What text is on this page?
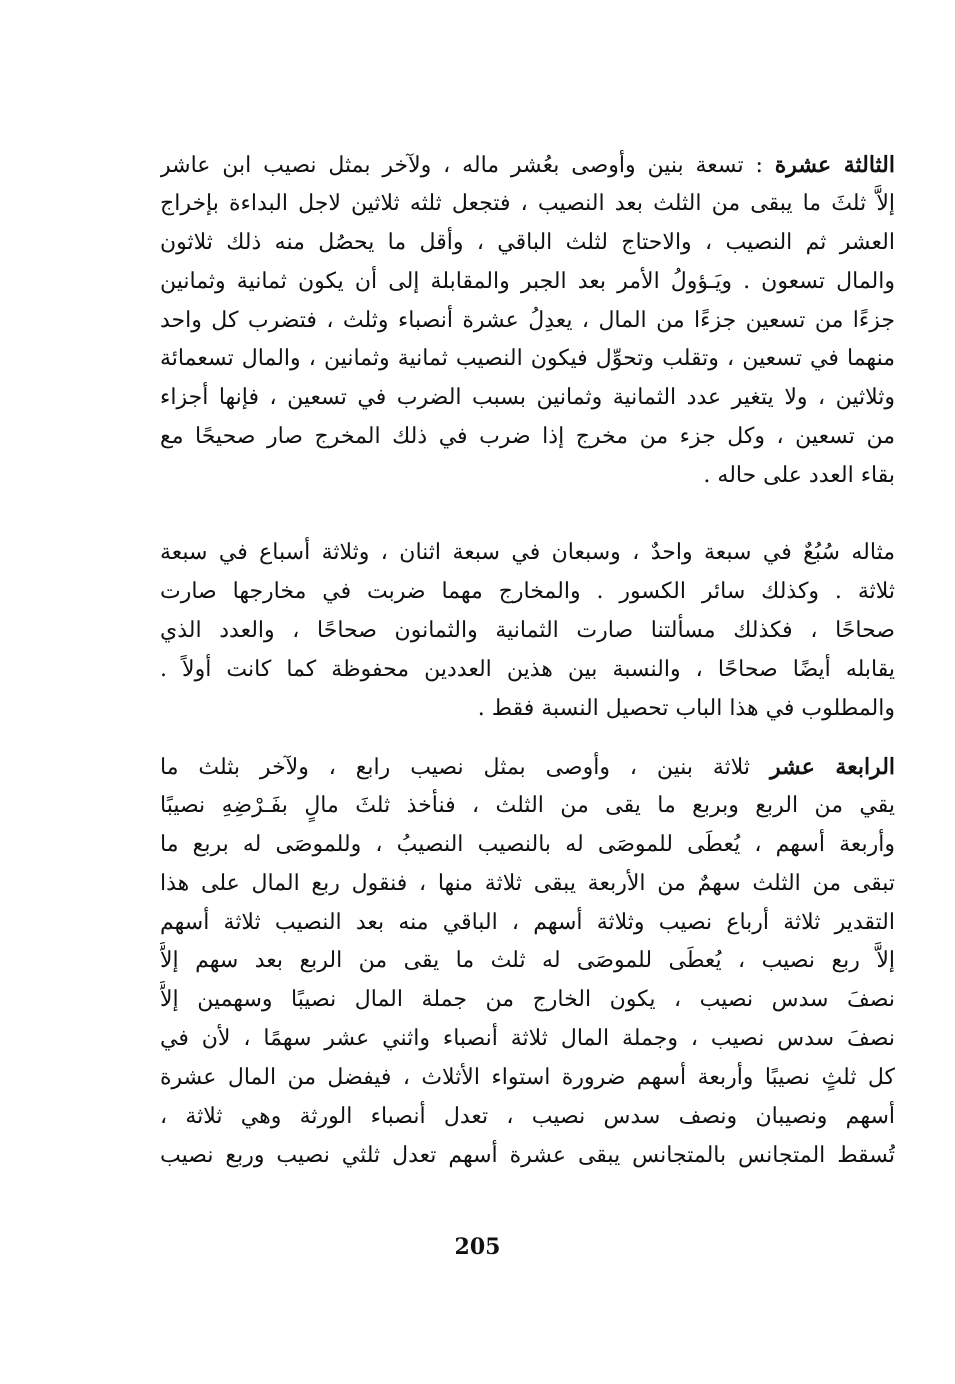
الثالثة عشرة : تسعة بنين وأوصى بعُشر ماله ، ولآخر بمثل نصيب ابن عاشر
إلاَّ ثلثَ ما يبقى من الثلث بعد النصيب ، فتجعل ثلثه ثلاثين لاجل البداءة بإخراج
العشر ثم النصيب ، والاحتاج لثلث الباقي ، وأقل ما يحصُل منه ذلك ثلاثون
والمال تسعون . ويَـؤولُ الأمر بعد الجبر والمقابلة إلى أن يكون ثمانية وثمانين
جزءًا من تسعين جزءًا من المال ، يعدِلُ عشرة أنصباء وثلث ، فتضرب كل واحد
منهما في تسعين ، وتقلب وتحوِّل فيكون النصيب ثمانية وثمانين ، والمال تسعمائة
وثلاثين ، ولا يتغير عدد الثمانية وثمانين بسبب الضرب في تسعين ، فإنها أجزاء
من تسعين ، وكل جزء من مخرج إذا ضرب في ذلك المخرج صار صحيحًا مع
بقاء العدد على حاله .
مثاله سُبُعٌ في سبعة واحدٌ ، وسبعان في سبعة اثنان ، وثلاثة أسباع في سبعة
ثلاثة . وكذلك سائر الكسور . والمخارج مهما ضربت في مخارجها صارت
صحاحًا ، فكذلك مسألتنا صارت الثمانية والثمانون صحاحًا ، والعدد الذي
يقابله أيضًا صحاحًا ، والنسبة بين هذين العددين محفوظة كما كانت أولاً .
والمطلوب في هذا الباب تحصيل النسبة فقط .
الرابعة عشر ثلاثة بنين ، وأوصى بمثل نصيب رابع ، ولآخر بثلث ما
يقي من الربع وبربع ما يقى من الثلث ، فنأخذ ثلثَ مالٍ بفَـرْضِهِ نصيبًا
وأربعة أسهم ، يُعطَى للموصَى له بالنصيب النصيبُ ، وللموصَى له بربع ما
تبقى من الثلث سهمٌ من الأربعة يبقى ثلاثة منها ، فنقول ربع المال على هذا
التقدير ثلاثة أرباع نصيب وثلاثة أسهم ، الباقي منه بعد النصيب ثلاثة أسهم
إلاَّ ربع نصيب ، يُعطَى للموصَى له ثلث ما يقى من الربع بعد سهم إلاَّ
نصفَ سدس نصيب ، يكون الخارج من جملة المال نصيبًا وسهمين إلاَّ
نصفَ سدس نصيب ، وجملة المال ثلاثة أنصباء واثني عشر سهمًا ، لأن في
كل ثلثٍ نصيبًا وأربعة أسهم ضرورة استواء الأثلاث ، فيفضل من المال عشرة
أسهم ونصيبان ونصف سدس نصيب ، تعدل أنصباء الورثة وهي ثلاثة ،
تُسقط المتجانس بالمتجانس يبقى عشرة أسهم تعدل ثلثي نصيب وربع نصيب
205
